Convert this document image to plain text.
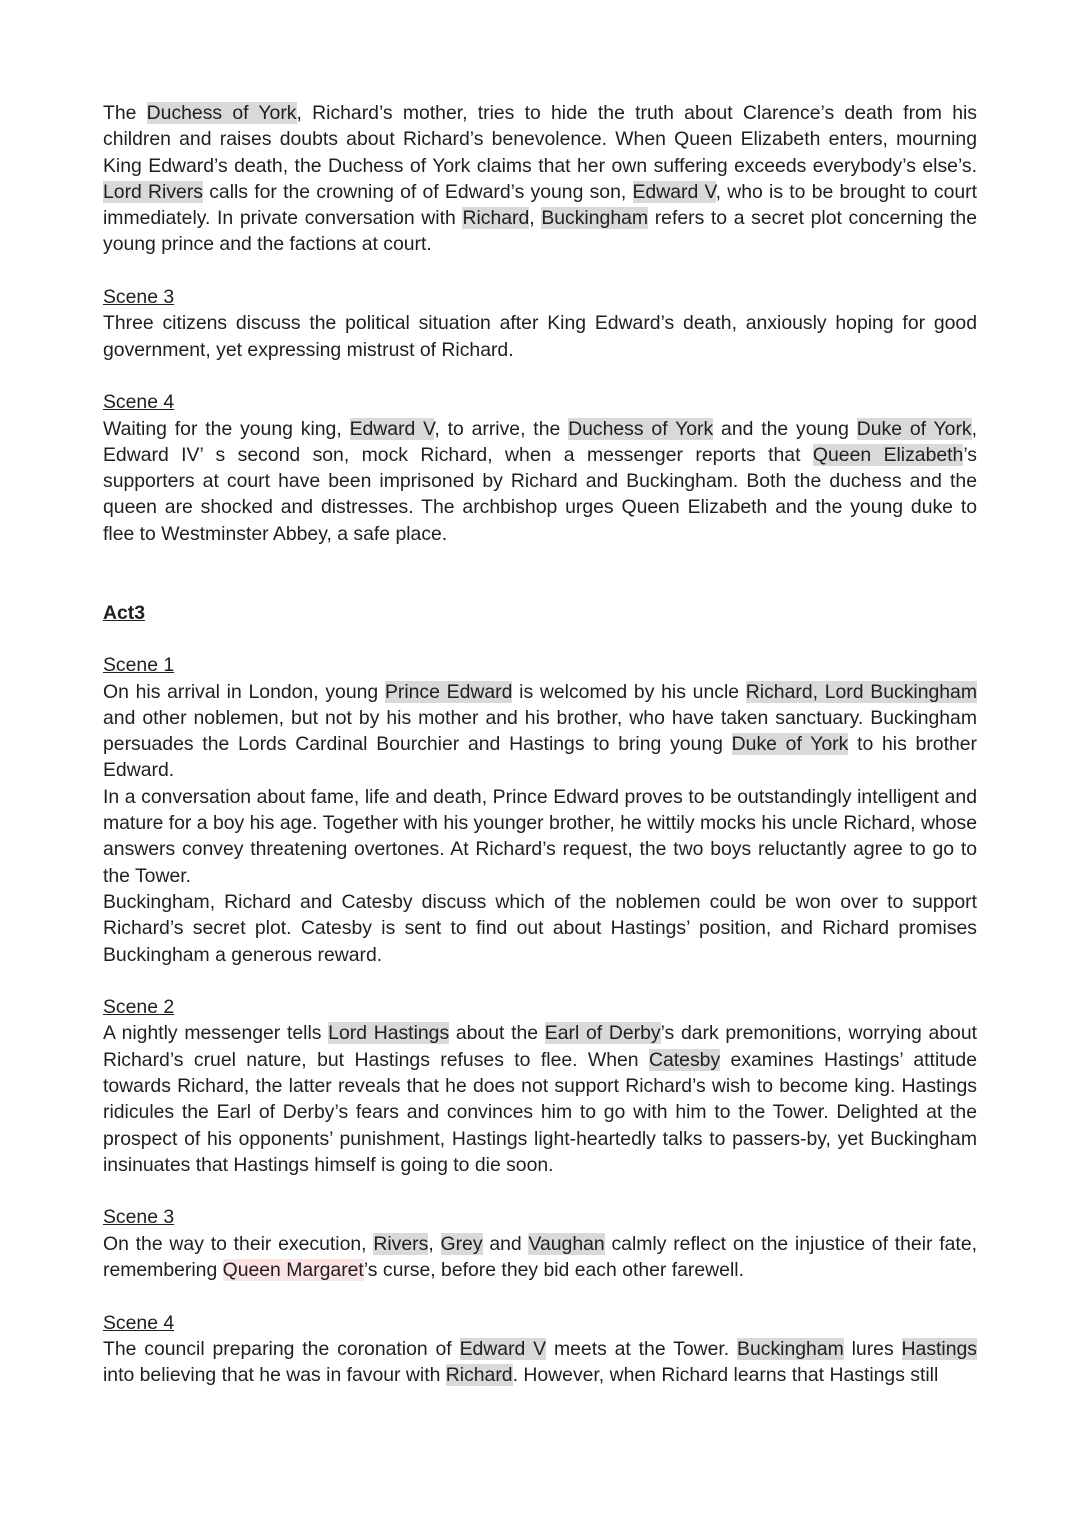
The Duchess of York, Richard’s mother, tries to hide the truth about Clarence’s death from his children and raises doubts about Richard’s benevolence. When Queen Elizabeth enters, mourning King Edward’s death, the Duchess of York claims that her own suffering exceeds everybody’s else’s. Lord Rivers calls for the crowning of of Edward’s young son, Edward V, who is to be brought to court immediately. In private conversation with Richard, Buckingham refers to a secret plot concerning the young prince and the factions at court.

Scene 3

Three citizens discuss the political situation after King Edward’s death, anxiously hoping for good government, yet expressing mistrust of Richard.

Scene 4

Waiting for the young king, Edward V, to arrive, the Duchess of York and the young Duke of York, Edward IV’ s second son, mock Richard, when a messenger reports that Queen Elizabeth’s supporters at court have been imprisoned by Richard and Buckingham. Both the duchess and the queen are shocked and distresses. The archbishop urges Queen Elizabeth and the young duke to flee to Westminster Abbey, a safe place.

Act3
Scene 1

On his arrival in London, young Prince Edward is welcomed by his uncle Richard, Lord Buckingham and other noblemen, but not by his mother and his brother, who have taken sanctuary. Buckingham persuades the Lords Cardinal Bourchier and Hastings to bring young Duke of York to his brother Edward.

In a conversation about fame, life and death, Prince Edward proves to be outstandingly intelligent and mature for a boy his age. Together with his younger brother, he wittily mocks his uncle Richard, whose answers convey threatening overtones. At Richard’s request, the two boys reluctantly agree to go to the Tower.

Buckingham, Richard and Catesby discuss which of the noblemen could be won over to support Richard’s secret plot. Catesby is sent to find out about Hastings’ position, and Richard promises Buckingham a generous reward.

Scene 2

A nightly messenger tells Lord Hastings about the Earl of Derby’s dark premonitions, worrying about Richard’s cruel nature, but Hastings refuses to flee. When Catesby examines Hastings’ attitude towards Richard, the latter reveals that he does not support Richard’s wish to become king. Hastings ridicules the Earl of Derby’s fears and convinces him to go with him to the Tower. Delighted at the prospect of his opponents’ punishment, Hastings light-heartedly talks to passers-by, yet Buckingham insinuates that Hastings himself is going to die soon.

Scene 3

On the way to their execution, Rivers, Grey and Vaughan calmly reflect on the injustice of their fate, remembering Queen Margaret’s curse, before they bid each other farewell.

Scene 4

The council preparing the coronation of Edward V meets at the Tower. Buckingham lures Hastings into believing that he was in favour with Richard. However, when Richard learns that Hastings still
